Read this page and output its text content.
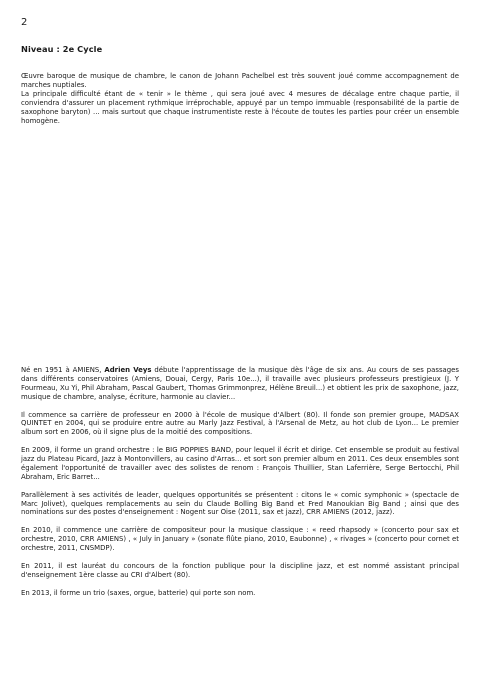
2
Niveau : 2e Cycle

Œuvre baroque de musique de chambre, le canon de Johann Pachelbel est très souvent joué comme accompagnement de marches nuptiales.

La principale difficulté étant de « tenir » le thème , qui sera joué avec 4 mesures de décalage entre chaque partie, il conviendra d'assurer un placement rythmique irréprochable, appuyé par un tempo immuable (responsabilité de la partie de saxophone baryton) ... mais surtout que chaque instrumentiste reste à l'écoute de toutes les parties pour créer un ensemble homogène.

Né en 1951 à AMIENS, Adrien Veys débute l'apprentissage de la musique dès l'âge de six ans. Au cours de ses passages dans différents conservatoires (Amiens, Douai, Cergy, Paris 10e...), il travaille avec plusieurs professeurs prestigieux (J. Y Fourmeau, Xu Yi, Phil Abraham, Pascal Gaubert, Thomas Grimmonprez, Hélène Breuil...) et obtient les prix de saxophone, jazz, musique de chambre, analyse, écriture, harmonie au clavier...

Il commence sa carrière de professeur en 2000 à l'école de musique d'Albert (80). Il fonde son premier groupe, MADSAX QUINTET en 2004, qui se produire entre autre au Marly Jazz Festival, à l'Arsenal de Metz, au hot club de Lyon... Le premier album sort en 2006, où il signe plus de la moitié des compositions.

En 2009, il forme un grand orchestre : le BIG POPPIES BAND, pour lequel il écrit et dirige. Cet ensemble se produit au festival jazz du Plateau Picard, Jazz à Montonvillers, au casino d'Arras... et sort son premier album en 2011. Ces deux ensembles sont également l'opportunité de travailler avec des solistes de renom : François Thuillier, Stan Laferrière, Serge Bertocchi, Phil Abraham, Eric Barret...

Parallèlement à ses activités de leader, quelques opportunités se présentent : citons le « comic symphonic » (spectacle de Marc Jolivet), quelques remplacements au sein du Claude Bolling Big Band et Fred Manoukian Big Band ; ainsi que des nominations sur des postes d'enseignement : Nogent sur Oise (2011, sax et jazz), CRR AMIENS (2012, jazz).

En 2010, il commence une carrière de compositeur pour la musique classique : « reed rhapsody » (concerto pour sax et orchestre, 2010, CRR AMIENS) , « July in January » (sonate flûte piano, 2010, Eaubonne) , « rivages » (concerto pour cornet et orchestre, 2011, CNSMDP).

En 2011, il est lauréat du concours de la fonction publique pour la discipline jazz, et est nommé assistant principal d'enseignement 1ère classe au CRI d'Albert (80).

En 2013, il forme un trio (saxes, orgue, batterie) qui porte son nom.
